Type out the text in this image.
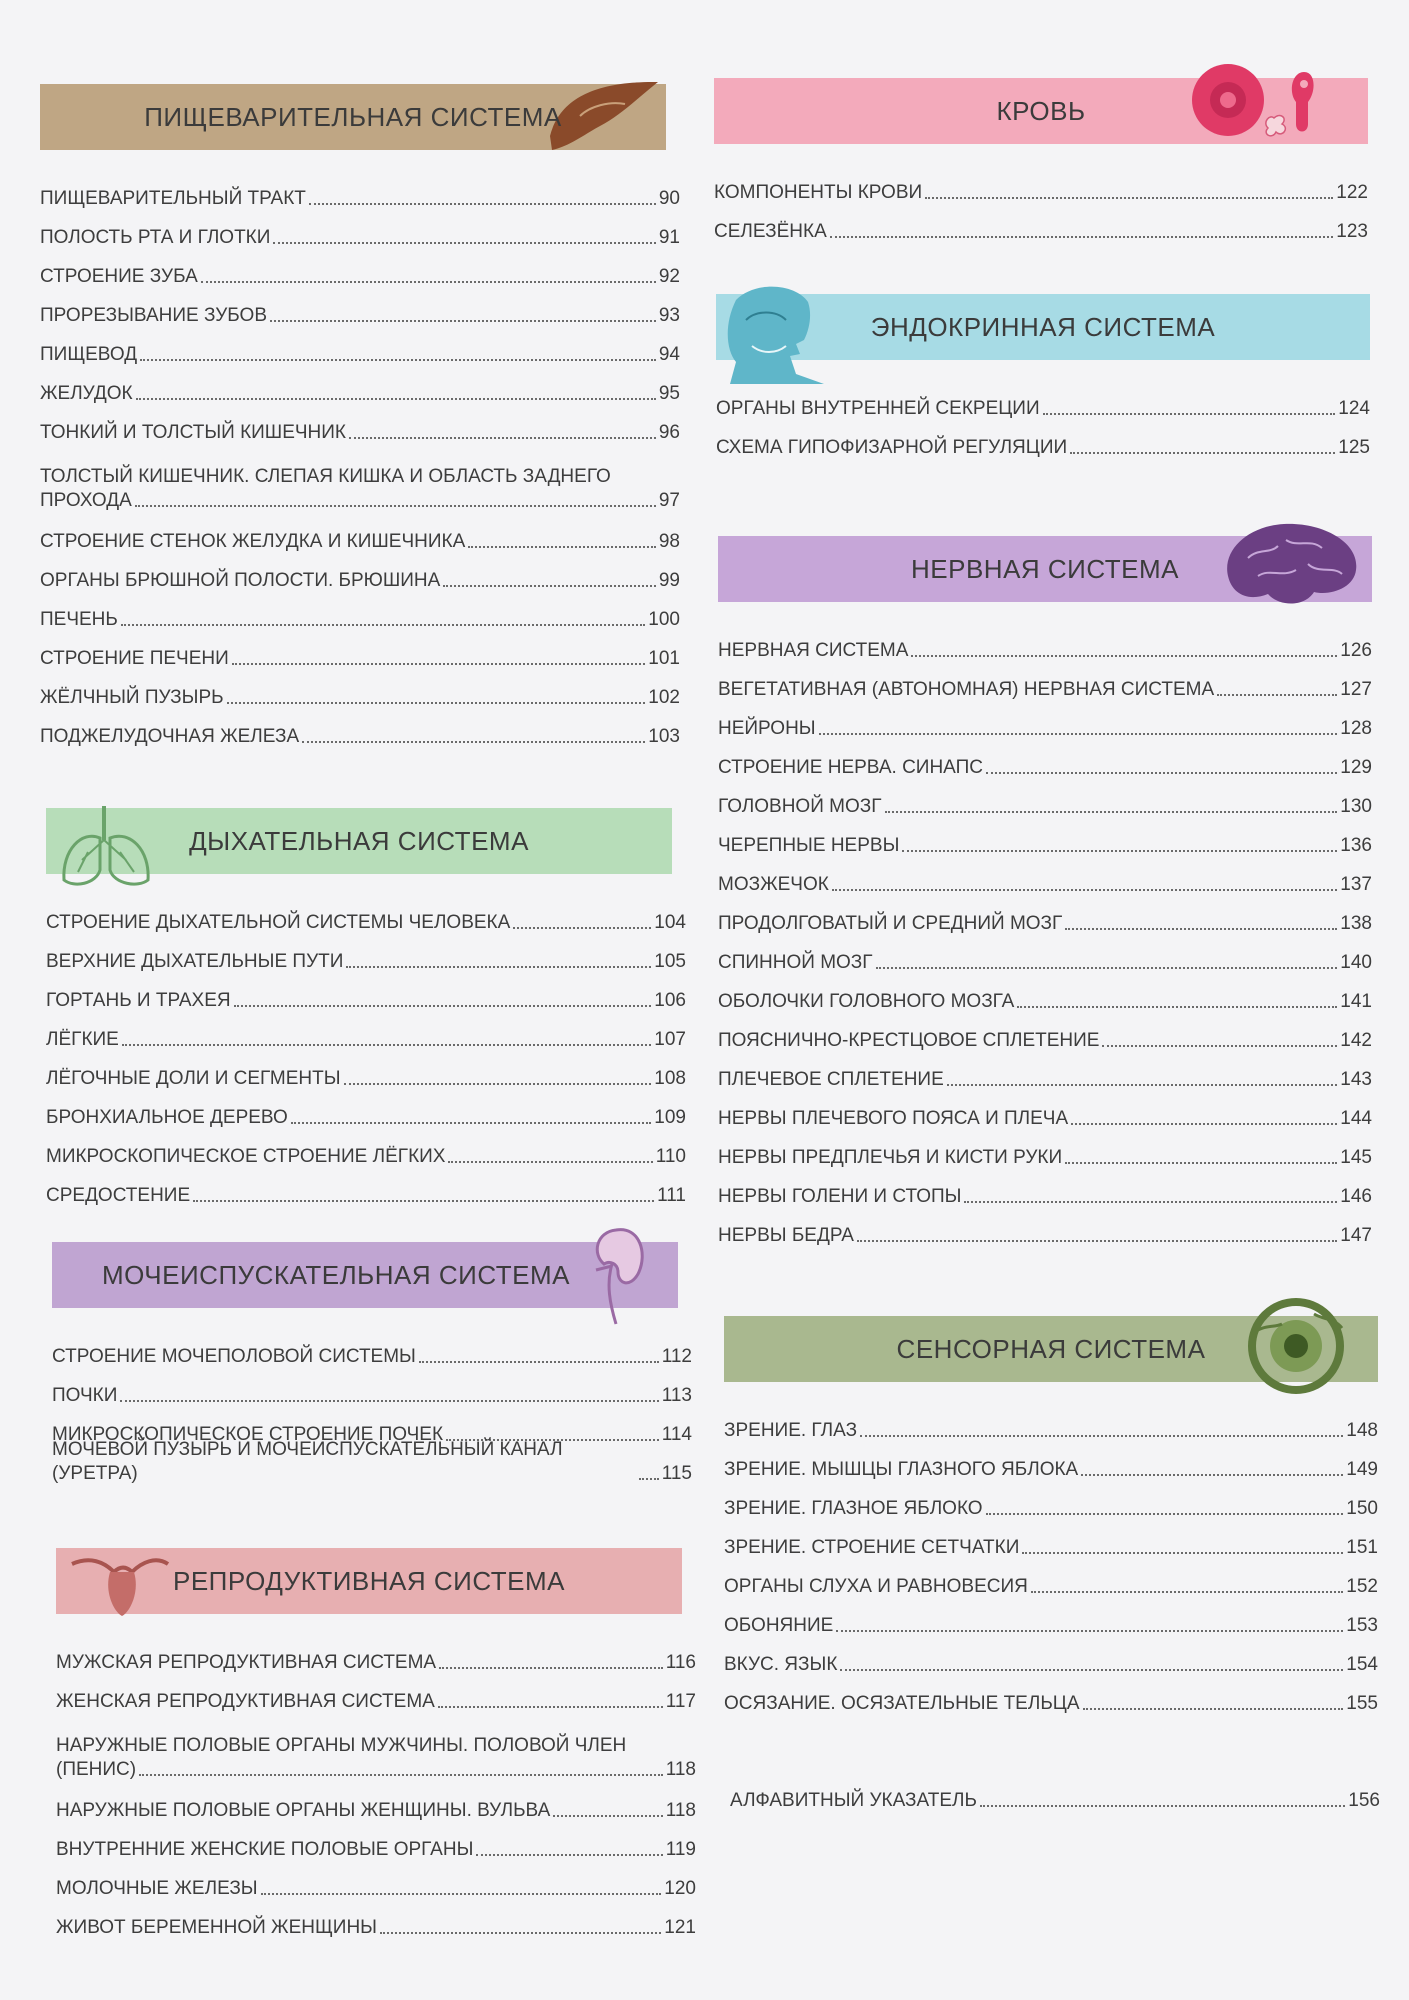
ПИЩЕВАРИТЕЛЬНАЯ СИСТЕМА
ПИЩЕВАРИТЕЛЬНЫЙ ТРАКТ	90
ПОЛОСТЬ РТА И ГЛОТКИ	91
СТРОЕНИЕ ЗУБА	92
ПРОРЕЗЫВАНИЕ ЗУБОВ	93
ПИЩЕВОД	94
ЖЕЛУДОК	95
ТОНКИЙ И ТОЛСТЫЙ КИШЕЧНИК	96
ТОЛСТЫЙ КИШЕЧНИК. СЛЕПАЯ КИШКА И ОБЛАСТЬ ЗАДНЕГО
ПРОХОДА	97
СТРОЕНИЕ СТЕНОК ЖЕЛУДКА И КИШЕЧНИКА	98
ОРГАНЫ БРЮШНОЙ ПОЛОСТИ. БРЮШИНА	99
ПЕЧЕНЬ	100
СТРОЕНИЕ ПЕЧЕНИ	101
ЖЁЛЧНЫЙ ПУЗЫРЬ	102
ПОДЖЕЛУДОЧНАЯ ЖЕЛЕЗА	103
ДЫХАТЕЛЬНАЯ СИСТЕМА
СТРОЕНИЕ ДЫХАТЕЛЬНОЙ СИСТЕМЫ ЧЕЛОВЕКА	104
ВЕРХНИЕ ДЫХАТЕЛЬНЫЕ ПУТИ	105
ГОРТАНЬ И ТРАХЕЯ	106
ЛЁГКИЕ	107
ЛЁГОЧНЫЕ ДОЛИ И СЕГМЕНТЫ	108
БРОНХИАЛЬНОЕ ДЕРЕВО	109
МИКРОСКОПИЧЕСКОЕ СТРОЕНИЕ ЛЁГКИХ	110
СРЕДОСТЕНИЕ	111
МОЧЕИСПУСКАТЕЛЬНАЯ СИСТЕМА
СТРОЕНИЕ МОЧЕПОЛОВОЙ СИСТЕМЫ	112
ПОЧКИ	113
МИКРОСКОПИЧЕСКОЕ СТРОЕНИЕ ПОЧЕК	114
МОЧЕВОЙ ПУЗЫРЬ И МОЧЕИСПУСКАТЕЛЬНЫЙ КАНАЛ (УРЕТРА)	115
РЕПРОДУКТИВНАЯ СИСТЕМА
МУЖСКАЯ РЕПРОДУКТИВНАЯ СИСТЕМА	116
ЖЕНСКАЯ РЕПРОДУКТИВНАЯ СИСТЕМА	117
НАРУЖНЫЕ ПОЛОВЫЕ ОРГАНЫ МУЖЧИНЫ. ПОЛОВОЙ ЧЛЕН
(ПЕНИС)	118
НАРУЖНЫЕ ПОЛОВЫЕ ОРГАНЫ ЖЕНЩИНЫ. ВУЛЬВА	118
ВНУТРЕННИЕ ЖЕНСКИЕ ПОЛОВЫЕ ОРГАНЫ	119
МОЛОЧНЫЕ ЖЕЛЕЗЫ	120
ЖИВОТ БЕРЕМЕННОЙ ЖЕНЩИНЫ	121
КРОВЬ
КОМПОНЕНТЫ КРОВИ	122
СЕЛЕЗЁНКА	123
ЭНДОКРИННАЯ СИСТЕМА
ОРГАНЫ ВНУТРЕННЕЙ СЕКРЕЦИИ	124
СХЕМА ГИПОФИЗАРНОЙ РЕГУЛЯЦИИ	125
НЕРВНАЯ СИСТЕМА
НЕРВНАЯ СИСТЕМА	126
ВЕГЕТАТИВНАЯ (АВТОНОМНАЯ) НЕРВНАЯ СИСТЕМА	127
НЕЙРОНЫ	128
СТРОЕНИЕ НЕРВА. СИНАПС	129
ГОЛОВНОЙ МОЗГ	130
ЧЕРЕПНЫЕ НЕРВЫ	136
МОЗЖЕЧОК	137
ПРОДОЛГОВАТЫЙ И СРЕДНИЙ МОЗГ	138
СПИННОЙ МОЗГ	140
ОБОЛОЧКИ ГОЛОВНОГО МОЗГА	141
ПОЯСНИЧНО-КРЕСТЦОВОЕ СПЛЕТЕНИЕ	142
ПЛЕЧЕВОЕ СПЛЕТЕНИЕ	143
НЕРВЫ ПЛЕЧЕВОГО ПОЯСА И ПЛЕЧА	144
НЕРВЫ ПРЕДПЛЕЧЬЯ И КИСТИ РУКИ	145
НЕРВЫ ГОЛЕНИ И СТОПЫ	146
НЕРВЫ БЕДРА	147
СЕНСОРНАЯ СИСТЕМА
ЗРЕНИЕ. ГЛАЗ	148
ЗРЕНИЕ. МЫШЦЫ ГЛАЗНОГО ЯБЛОКА	149
ЗРЕНИЕ. ГЛАЗНОЕ ЯБЛОКО	150
ЗРЕНИЕ. СТРОЕНИЕ СЕТЧАТКИ	151
ОРГАНЫ СЛУХА И РАВНОВЕСИЯ	152
ОБОНЯНИЕ	153
ВКУС. ЯЗЫК	154
ОСЯЗАНИЕ. ОСЯЗАТЕЛЬНЫЕ ТЕЛЬЦА	155
АЛФАВИТНЫЙ УКАЗАТЕЛЬ	156
